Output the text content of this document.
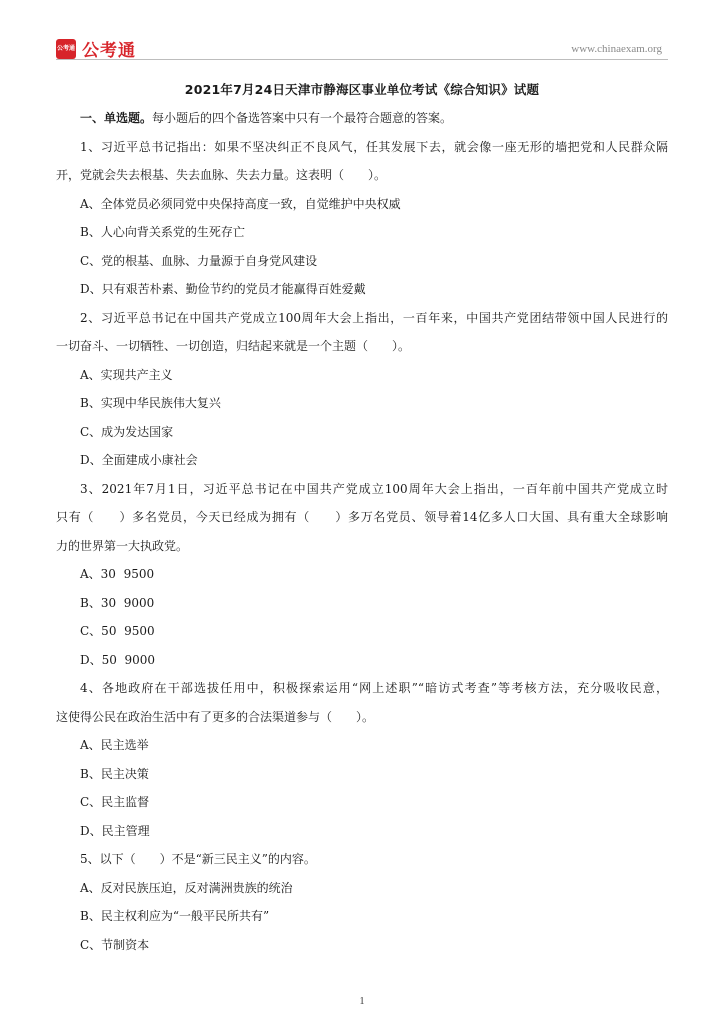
公考通 公考通	www.chinaexam.org
2021年7月24日天津市静海区事业单位考试《综合知识》试题
一、单选题。每小题后的四个备选答案中只有一个最符合题意的答案。
1、习近平总书记指出：如果不坚决纠正不良风气，任其发展下去，就会像一座无形的墙把党和人民群众隔
开，党就会失去根基、失去血脉、失去力量。这表明（　　）。
A、全体党员必须同党中央保持高度一致，自觉维护中央权威
B、人心向背关系党的生死存亡
C、党的根基、血脉、力量源于自身党风建设
D、只有艰苦朴素、勤俭节约的党员才能赢得百姓爱戴
2、习近平总书记在中国共产党成立100周年大会上指出，一百年来，中国共产党团结带领中国人民进行的
一切奋斗、一切牺牲、一切创造，归结起来就是一个主题（　　）。
A、实现共产主义
B、实现中华民族伟大复兴
C、成为发达国家
D、全面建成小康社会
3、2021年7月1日，习近平总书记在中国共产党成立100周年大会上指出，一百年前中国共产党成立时
只有（　　）多名党员，今天已经成为拥有（　　）多万名党员、领导着14亿多人口大国、具有重大全球影响
力的世界第一大执政党。
A、30  9500
B、30  9000
C、50  9500
D、50  9000
4、各地政府在干部选拔任用中，积极探索运用“网上述职”“暗访式考查”等考核方法，充分吸收民意，
这使得公民在政治生活中有了更多的合法渠道参与（　　）。
A、民主选举
B、民主决策
C、民主监督
D、民主管理
5、以下（　　）不是“新三民主义”的内容。
A、反对民族压迫，反对满洲贵族的统治
B、民主权利应为“一般平民所共有”
C、节制资本
1
